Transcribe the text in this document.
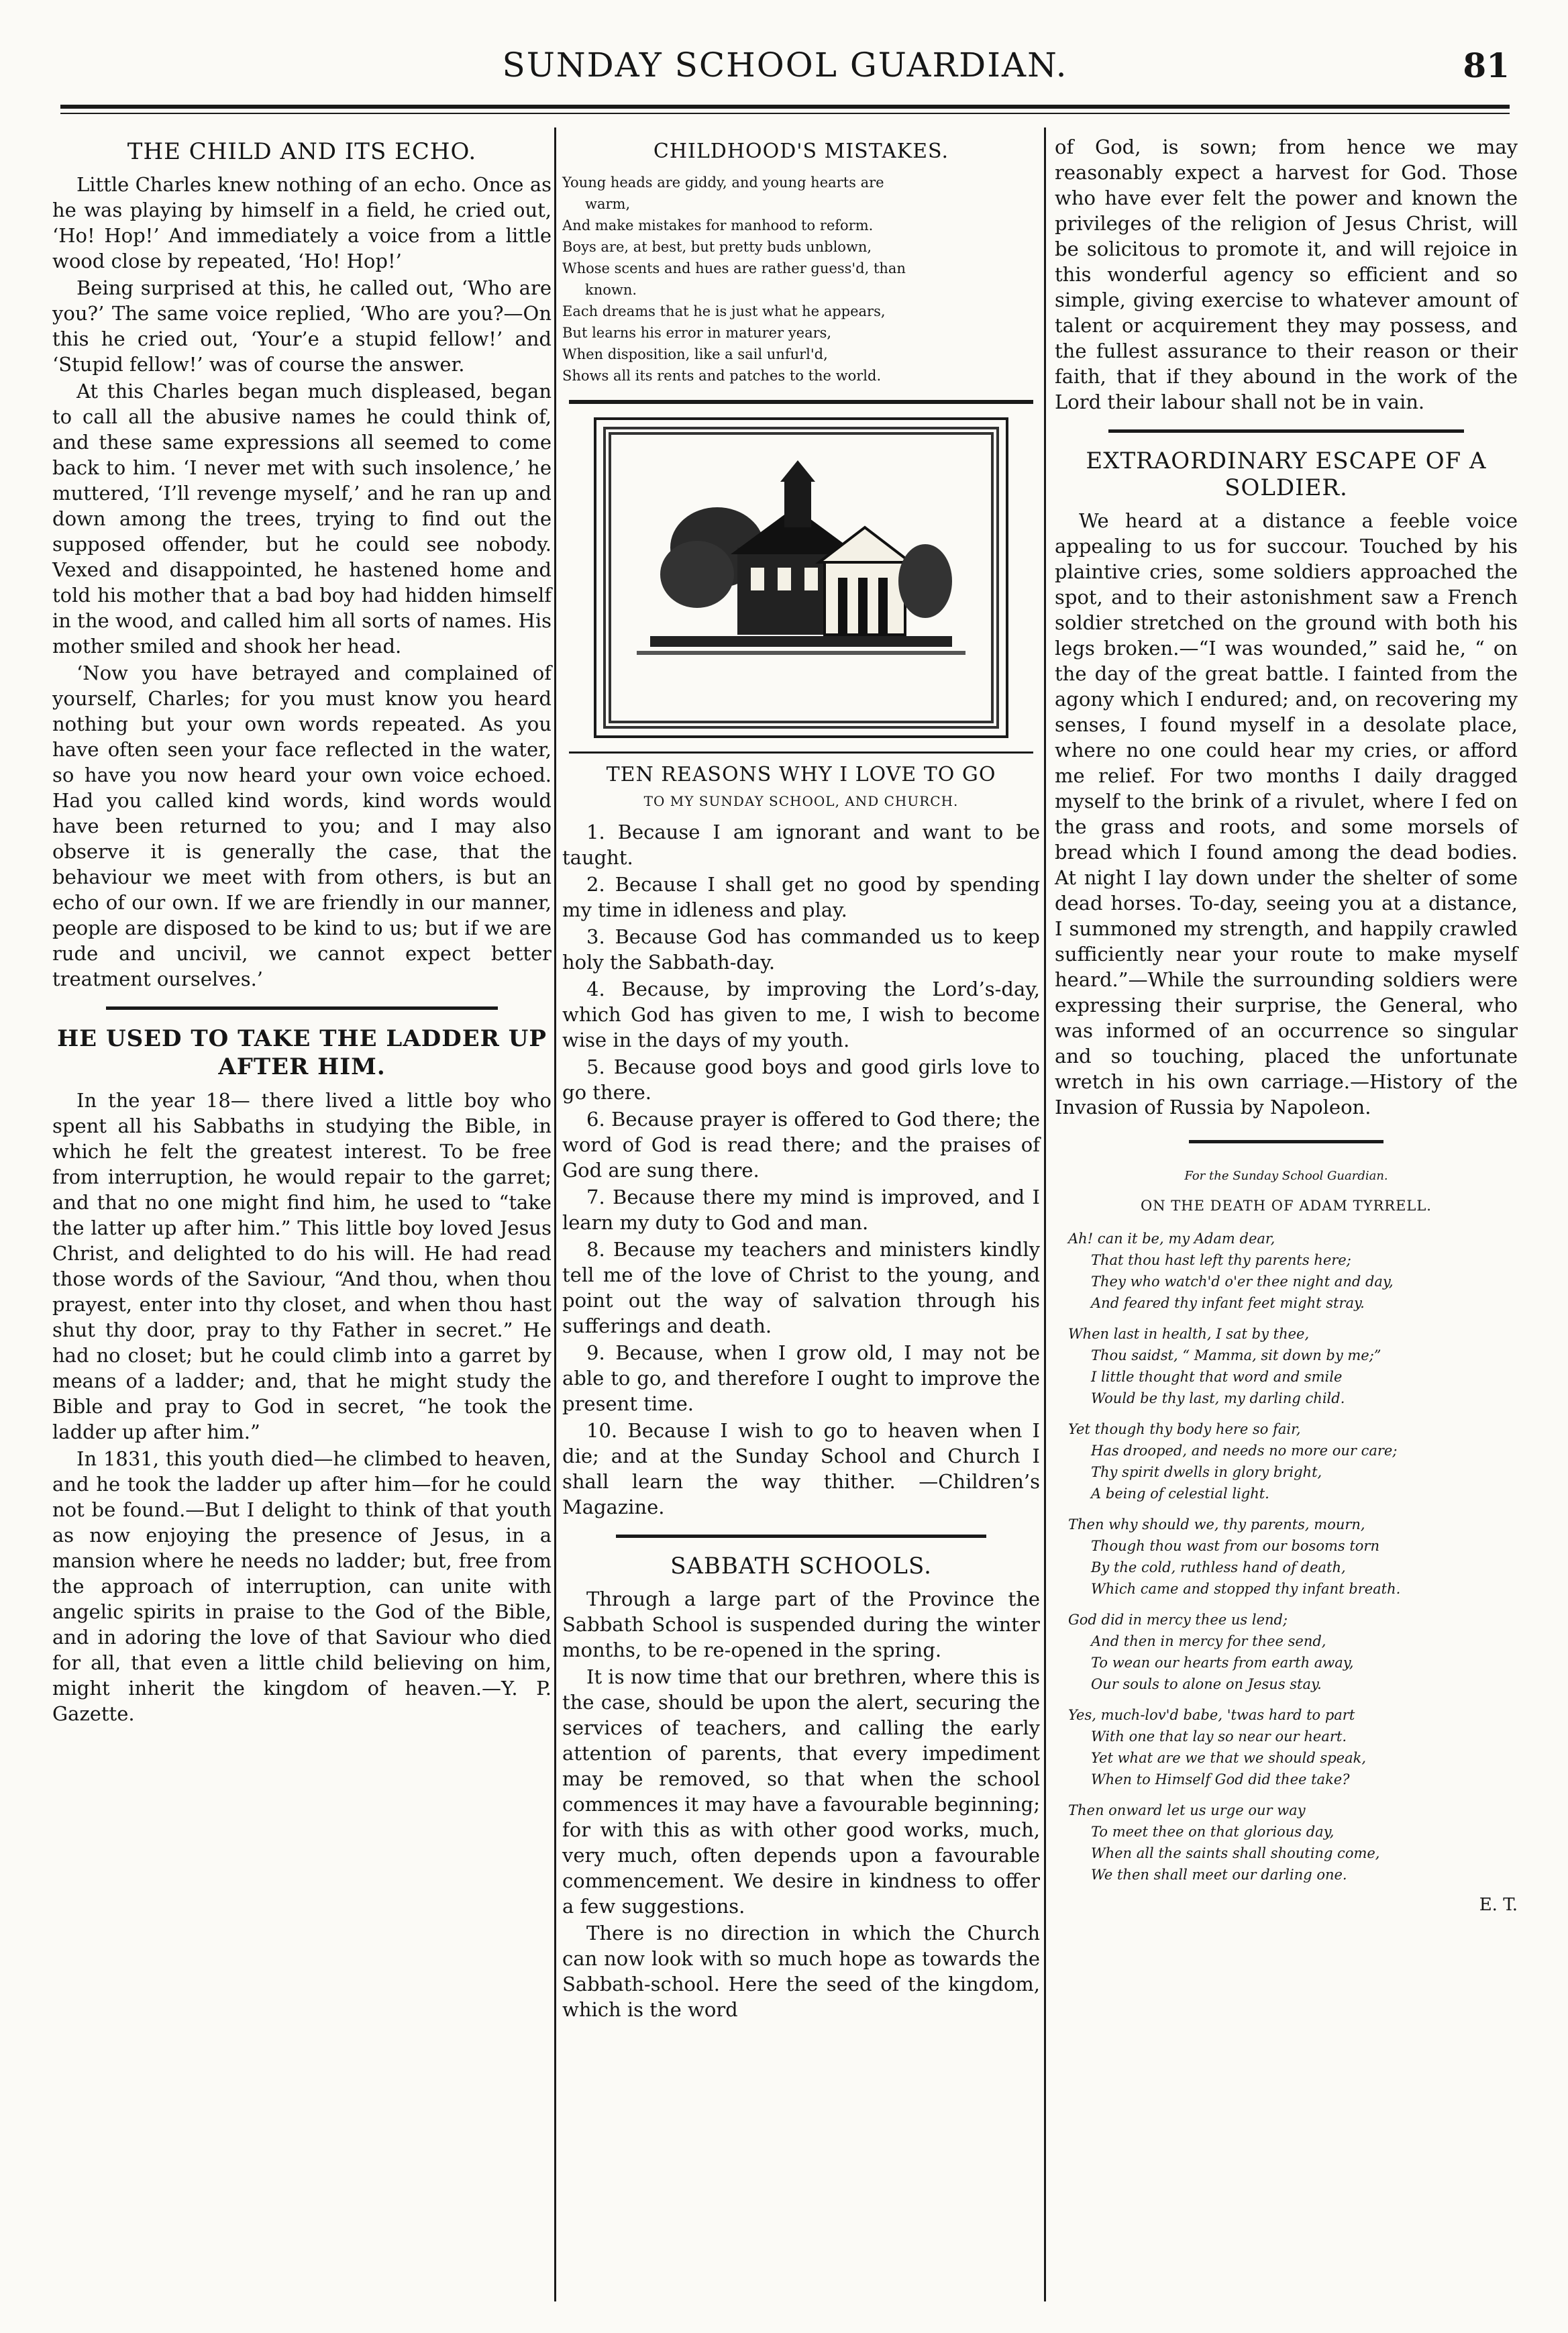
SUNDAY SCHOOL GUARDIAN.	81
THE CHILD AND ITS ECHO.

Little Charles knew nothing of an echo. Once as he was playing by himself in a field, he cried out, ‘Ho! Hop!’ And immediately a voice from a little wood close by repeated, ‘Ho! Hop!’

Being surprised at this, he called out, ‘Who are you?’ The same voice replied, ‘Who are you?—On this he cried out, ‘Your’e a stupid fellow!’ and ‘Stupid fellow!’ was of course the answer.

At this Charles began much displeased, began to call all the abusive names he could think of, and these same expressions all seemed to come back to him. ‘I never met with such insolence,’ he muttered, ‘I’ll revenge myself,’ and he ran up and down among the trees, trying to find out the supposed offender, but he could see nobody. Vexed and disappointed, he hastened home and told his mother that a bad boy had hidden himself in the wood, and called him all sorts of names. His mother smiled and shook her head.

‘Now you have betrayed and complained of yourself, Charles; for you must know you heard nothing but your own words repeated. As you have often seen your face reflected in the water, so have you now heard your own voice echoed. Had you called kind words, kind words would have been returned to you; and I may also observe it is generally the case, that the behaviour we meet with from others, is but an echo of our own. If we are friendly in our manner, people are disposed to be kind to us; but if we are rude and uncivil, we cannot expect better treatment ourselves.’

HE USED TO TAKE THE LADDER UP AFTER HIM.

In the year 18— there lived a little boy who spent all his Sabbaths in studying the Bible, in which he felt the greatest interest. To be free from interruption, he would repair to the garret; and that no one might find him, he used to “take the latter up after him.” This little boy loved Jesus Christ, and delighted to do his will. He had read those words of the Saviour, “And thou, when thou prayest, enter into thy closet, and when thou hast shut thy door, pray to thy Father in secret.” He had no closet; but he could climb into a garret by means of a ladder; and, that he might study the Bible and pray to God in secret, “he took the ladder up after him.”

In 1831, this youth died—he climbed to heaven, and he took the ladder up after him—for he could not be found.—But I delight to think of that youth as now enjoying the presence of Jesus, in a mansion where he needs no ladder; but, free from the approach of interruption, can unite with angelic spirits in praise to the God of the Bible, and in adoring the love of that Saviour who died for all, that even a little child believing on him, might inherit the kingdom of heaven.—Y. P. Gazette.

CHILDHOOD'S MISTAKES.
Young heads are giddy, and young hearts are
warm,
And make mistakes for manhood to reform.
Boys are, at best, but pretty buds unblown,
Whose scents and hues are rather guess'd, than
known.
Each dreams that he is just what he appears,
But learns his error in maturer years,
When disposition, like a sail unfurl'd,
Shows all its rents and patches to the world.
TEN REASONS WHY I LOVE TO GO
TO MY SUNDAY SCHOOL, AND CHURCH.

1. Because I am ignorant and want to be taught.

2. Because I shall get no good by spending my time in idleness and play.

3. Because God has commanded us to keep holy the Sabbath-day.

4. Because, by improving the Lord’s-day, which God has given to me, I wish to become wise in the days of my youth.

5. Because good boys and good girls love to go there.

6. Because prayer is offered to God there; the word of God is read there; and the praises of God are sung there.

7. Because there my mind is improved, and I learn my duty to God and man.

8. Because my teachers and ministers kindly tell me of the love of Christ to the young, and point out the way of salvation through his sufferings and death.

9. Because, when I grow old, I may not be able to go, and therefore I ought to improve the present time.

10. Because I wish to go to heaven when I die; and at the Sunday School and Church I shall learn the way thither. —Children’s Magazine.

SABBATH SCHOOLS.

Through a large part of the Province the Sabbath School is suspended during the winter months, to be re-opened in the spring.

It is now time that our brethren, where this is the case, should be upon the alert, securing the services of teachers, and calling the early attention of parents, that every impediment may be removed, so that when the school commences it may have a favourable beginning; for with this as with other good works, much, very much, often depends upon a favourable commencement. We desire in kindness to offer a few suggestions.

There is no direction in which the Church can now look with so much hope as towards the Sabbath-school. Here the seed of the kingdom, which is the word

of God, is sown; from hence we may reasonably expect a harvest for God. Those who have ever felt the power and known the privileges of the religion of Jesus Christ, will be solicitous to promote it, and will rejoice in this wonderful agency so efficient and so simple, giving exercise to whatever amount of talent or acquirement they may possess, and the fullest assurance to their reason or their faith, that if they abound in the work of the Lord their labour shall not be in vain.

EXTRAORDINARY ESCAPE OF A SOLDIER.

We heard at a distance a feeble voice appealing to us for succour. Touched by his plaintive cries, some soldiers approached the spot, and to their astonishment saw a French soldier stretched on the ground with both his legs broken.—“I was wounded,” said he, “ on the day of the great battle. I fainted from the agony which I endured; and, on recovering my senses, I found myself in a desolate place, where no one could hear my cries, or afford me relief. For two months I daily dragged myself to the brink of a rivulet, where I fed on the grass and roots, and some morsels of bread which I found among the dead bodies. At night I lay down under the shelter of some dead horses. To-day, seeing you at a distance, I summoned my strength, and happily crawled sufficiently near your route to make myself heard.”—While the surrounding soldiers were expressing their surprise, the General, who was informed of an occurrence so singular and so touching, placed the unfortunate wretch in his own carriage.—History of the Invasion of Russia by Napoleon.

For the Sunday School Guardian.
ON THE DEATH OF ADAM TYRRELL.
Ah! can it be, my Adam dear,
That thou hast left thy parents here;
They who watch'd o'er thee night and day,
And feared thy infant feet might stray.
When last in health, I sat by thee,
Thou saidst, “ Mamma, sit down by me;”
I little thought that word and smile
Would be thy last, my darling child.
Yet though thy body here so fair,
Has drooped, and needs no more our care;
Thy spirit dwells in glory bright,
A being of celestial light.
Then why should we, thy parents, mourn,
Though thou wast from our bosoms torn
By the cold, ruthless hand of death,
Which came and stopped thy infant breath.
God did in mercy thee us lend;
And then in mercy for thee send,
To wean our hearts from earth away,
Our souls to alone on Jesus stay.
Yes, much-lov'd babe, 'twas hard to part
With one that lay so near our heart.
Yet what are we that we should speak,
When to Himself God did thee take?
Then onward let us urge our way
To meet thee on that glorious day,
When all the saints shall shouting come,
We then shall meet our darling one.
E. T.
